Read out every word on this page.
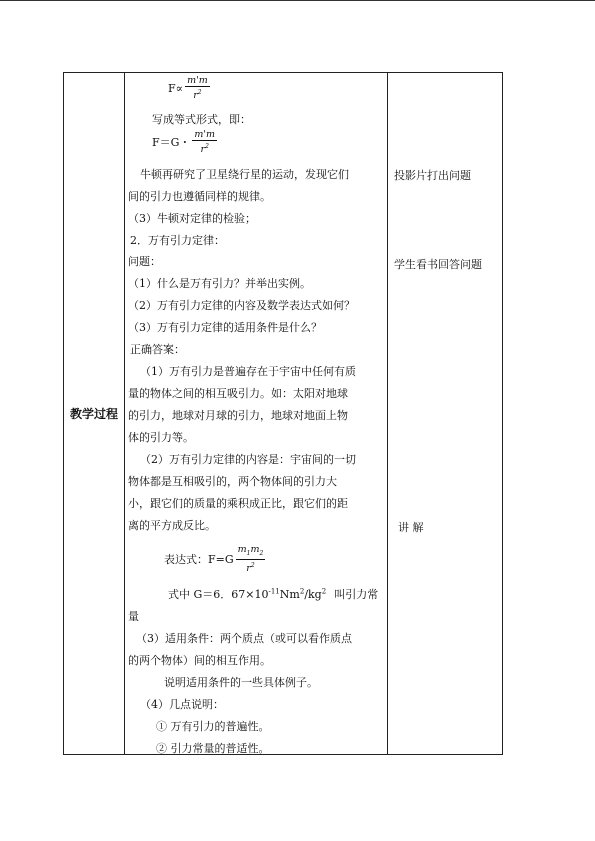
教学过程
$F\propto \frac{m'm}{r^2}$
写成等式形式，即：
F＝G・ $\frac{m'm}{r^2}$
牛顿再研究了卫星绕行星的运动，发现它们
间的引力也遵循同样的规律。
（3）牛顿对定律的检验；
2．万有引力定律：
问题：
（1）什么是万有引力？并举出实例。
（2）万有引力定律的内容及数学表达式如何？
（3）万有引力定律的适用条件是什么？
正确答案：
（1）万有引力是普遍存在于宇宙中任何有质
量的物体之间的相互吸引力。如：太阳对地球
的引力，地球对月球的引力，地球对地面上物
体的引力等。
（2）万有引力定律的内容是：宇宙间的一切
物体都是互相吸引的，两个物体间的引力大
小，跟它们的质量的乘积成正比，跟它们的距
离的平方成反比。
表达式：$F=G \frac{m_1m_2}{r^2}$
式中 G＝6．$67\times 10^{-11}Nm^2/kg^2$ 叫引力常
量
（3）适用条件：两个质点（或可以看作质点
的两个物体）间的相互作用。
说明适用条件的一些具体例子。
（4）几点说明：
① 万有引力的普遍性。
② 引力常量的普适性。
投影片打出问题
学生看书回答问题
讲 解
